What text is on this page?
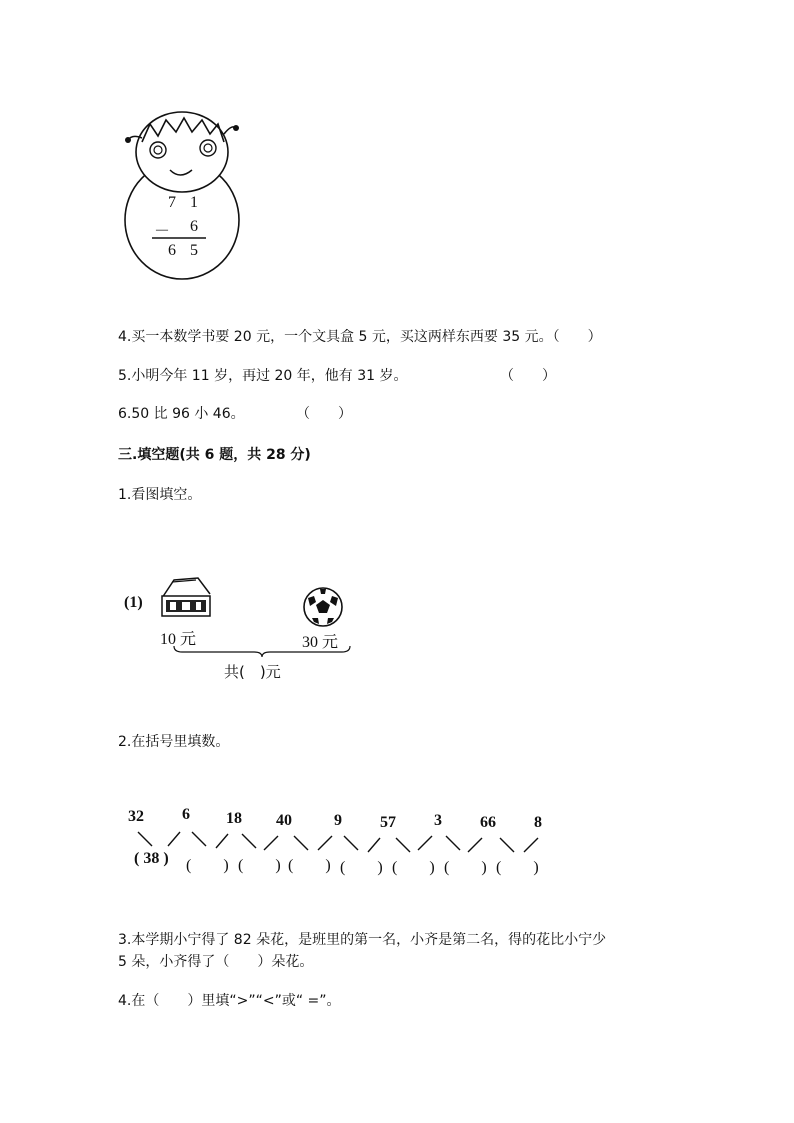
7 1
－ 6
6 5
4.买一本数学书要 20 元，一个文具盒 5 元，买这两样东西要 35 元。（　　）
5.小明今年 11 岁，再过 20 年，他有 31 岁。	（　　）
6.50 比 96 小 46。	（　　）
三.填空题(共 6 题，共 28 分)
1.看图填空。
(1)
10 元	30 元
共(　)元
2.在括号里填数。
32 6 18 40	9 57 3 66 8
( 38 ) (　　) (　　) (　　) (　　) (　　) (　　) (　　)
3.本学期小宁得了 82 朵花，是班里的第一名，小齐是第二名，得的花比小宁少
5 朵，小齐得了（　　）朵花。
4.在（　　）里填“>”“<”或“ =”。
